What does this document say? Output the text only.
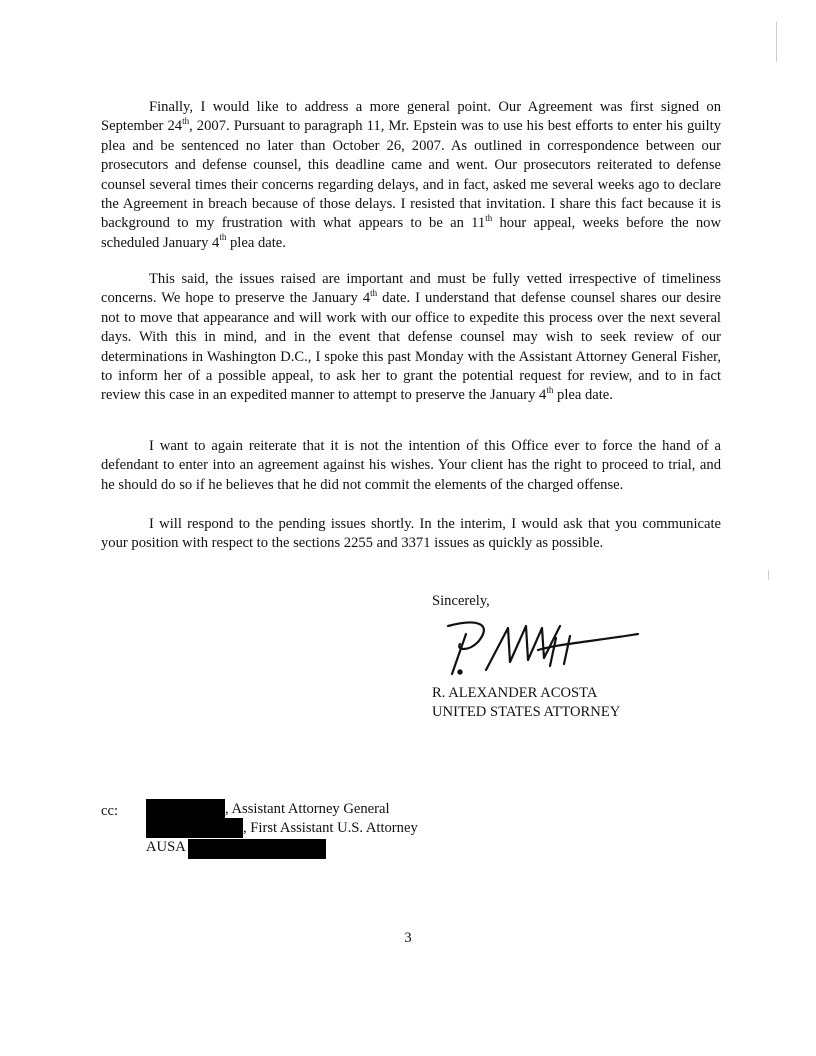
Finally, I would like to address a more general point. Our Agreement was first signed on September 24th, 2007. Pursuant to paragraph 11, Mr. Epstein was to use his best efforts to enter his guilty plea and be sentenced no later than October 26, 2007. As outlined in correspondence between our prosecutors and defense counsel, this deadline came and went. Our prosecutors reiterated to defense counsel several times their concerns regarding delays, and in fact, asked me several weeks ago to declare the Agreement in breach because of those delays. I resisted that invitation. I share this fact because it is background to my frustration with what appears to be an 11th hour appeal, weeks before the now scheduled January 4th plea date.

This said, the issues raised are important and must be fully vetted irrespective of timeliness concerns. We hope to preserve the January 4th date. I understand that defense counsel shares our desire not to move that appearance and will work with our office to expedite this process over the next several days. With this in mind, and in the event that defense counsel may wish to seek review of our determinations in Washington D.C., I spoke this past Monday with the Assistant Attorney General Fisher, to inform her of a possible appeal, to ask her to grant the potential request for review, and to in fact review this case in an expedited manner to attempt to preserve the January 4th plea date.

I want to again reiterate that it is not the intention of this Office ever to force the hand of a defendant to enter into an agreement against his wishes. Your client has the right to proceed to trial, and he should do so if he believes that he did not commit the elements of the charged offense.

I will respond to the pending issues shortly. In the interim, I would ask that you communicate your position with respect to the sections 2255 and 3371 issues as quickly as possible.

Sincerely,
R. ALEXANDER ACOSTA
UNITED STATES ATTORNEY
cc:	, Assistant Attorney General
, First Assistant U.S. Attorney
AUSA
3
